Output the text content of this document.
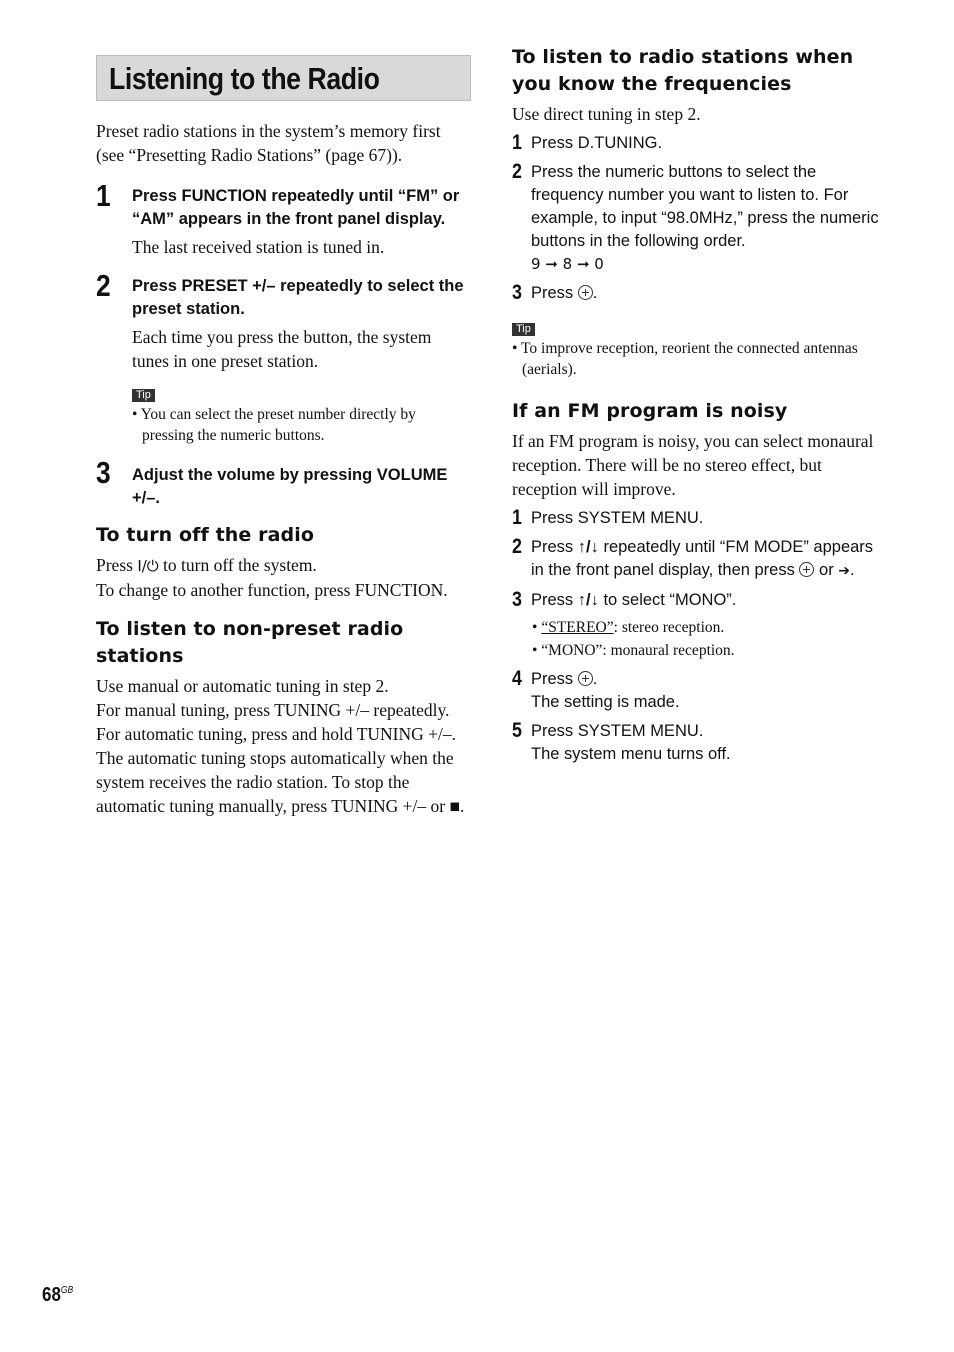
Listening to the Radio
Preset radio stations in the system’s memory first (see “Presetting Radio Stations” (page 67)).
1	Press FUNCTION repeatedly until “FM” or “AM” appears in the front panel display.
The last received station is tuned in.
2	Press PRESET +/– repeatedly to select the preset station.
Each time you press the button, the system tunes in one preset station.
Tip
• You can select the preset number directly by pressing the numeric buttons.
3	Adjust the volume by pressing VOLUME +/–.
To turn off the radio
Press I/⏻ to turn off the system.
To change to another function, press FUNCTION.
To listen to non-preset radio stations
Use manual or automatic tuning in step 2.
For manual tuning, press TUNING +/– repeatedly.
For automatic tuning, press and hold TUNING +/–. The automatic tuning stops automatically when the system receives the radio station. To stop the automatic tuning manually, press TUNING +/– or ■.
To listen to radio stations when you know the frequencies
Use direct tuning in step 2.
1 Press D.TUNING.
2 Press the numeric buttons to select the frequency number you want to listen to. For example, to input “98.0MHz,” press the numeric buttons in the following order.
9 ➞ 8 ➞ 0
3 Press .
Tip
• To improve reception, reorient the connected antennas (aerials).
If an FM program is noisy
If an FM program is noisy, you can select monaural reception. There will be no stereo effect, but reception will improve.
1 Press SYSTEM MENU.
2 Press ↑/↓ repeatedly until “FM MODE” appears in the front panel display, then press  or ➔.
3 Press ↑/↓ to select “MONO”.
• “STEREO”: stereo reception.
• “MONO”: monaural reception.
4 Press .
The setting is made.
5 Press SYSTEM MENU.
The system menu turns off.
$68^{GB}$
